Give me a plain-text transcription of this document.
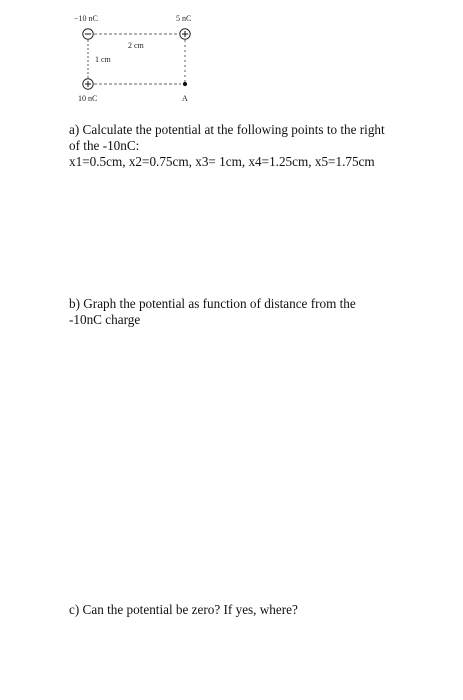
−10 nC	5 nC
2 cm
1 cm
10 nC	A

a) Calculate the potential at the following points to the right

of the -10nC:

x1=0.5cm, x2=0.75cm, x3= 1cm, x4=1.25cm, x5=1.75cm

b) Graph the potential as function of distance from the

-10nC charge

c) Can the potential be zero? If yes, where?
